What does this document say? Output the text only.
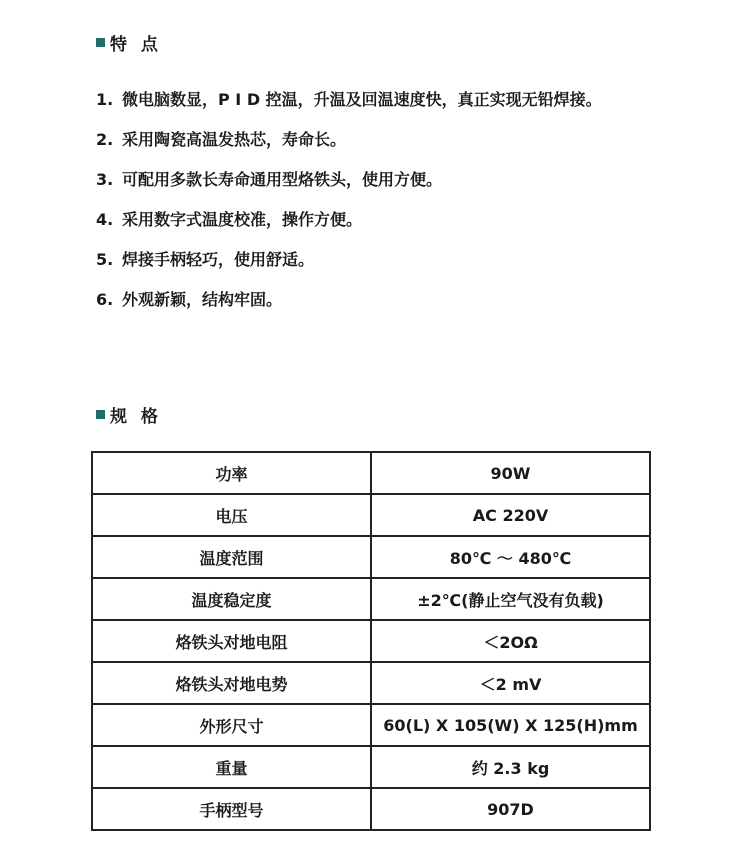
特 点
1. 微电脑数显，P I D 控温，升温及回温速度快，真正实现无铅焊接。
2. 采用陶瓷高温发热芯，寿命长。
3. 可配用多款长寿命通用型烙铁头，使用方便。
4. 采用数字式温度校准，操作方便。
5. 焊接手柄轻巧，使用舒适。
6. 外观新颖，结构牢固。
规 格
功率	90W
电压	AC 220V
温度范围	80℃ ～ 480℃
温度稳定度	±2℃(静止空气没有负载)
烙铁头对地电阻	＜2OΩ
烙铁头对地电势	＜2 mV
外形尺寸	60(L) X 105(W) X 125(H)mm
重量	约 2.3 kg
手柄型号	907D
